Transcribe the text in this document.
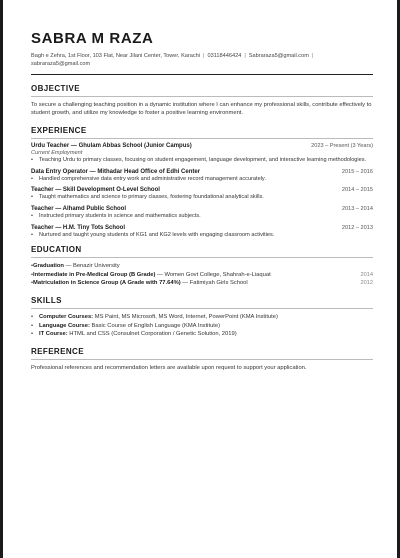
SABRA M RAZA
Bagh e Zehra, 1st Floor, 103 Flat, Near Jilani Center, Tower, Karachi | 03118446424 | Sabraraza5@gmail.com |
sabraraza5@gmail.com
OBJECTIVE
To secure a challenging teaching position in a dynamic institution where I can enhance my professional skills, contribute effectively to student growth, and utilize my knowledge to foster a positive learning environment.
EXPERIENCE
Urdu Teacher — Ghulam Abbas School (Junior Campus)	2023 – Present (3 Years)
Current Employment
•	Teaching Urdu to primary classes, focusing on student engagement, language development, and interactive learning methodologies.
Data Entry Operator — Mithadar Head Office of Edhi Center	2015 – 2016
•	Handled comprehensive data entry work and administrative record management accurately.
Teacher — Skill Development O-Level School	2014 – 2015
•	Taught mathematics and science to primary classes, fostering foundational analytical skills.
Teacher — Alhamd Public School	2013 – 2014
•	Instructed primary students in science and mathematics subjects.
Teacher — H.M. Tiny Tots School	2012 – 2013
•	Nurtured and taught young students of KG1 and KG2 levels with engaging classroom activities.
EDUCATION
•Graduation — Benazir University
•Intermediate in Pre-Medical Group (B Grade) — Women Govt College, Shahrah-e-Liaquat	2014
•Matriculation in Science Group (A Grade with 77.64%) — Fatimiyah Girls School	2012
SKILLS
•	Computer Courses: MS Paint, MS Microsoft, MS Word, Internet, PowerPoint (KMA Institute)
•	Language Course: Basic Course of English Language (KMA Institute)
•	IT Course: HTML and CSS (Consulnet Corporation / Genetic Solution, 2019)
REFERENCE
Professional references and recommendation letters are available upon request to support your application.
